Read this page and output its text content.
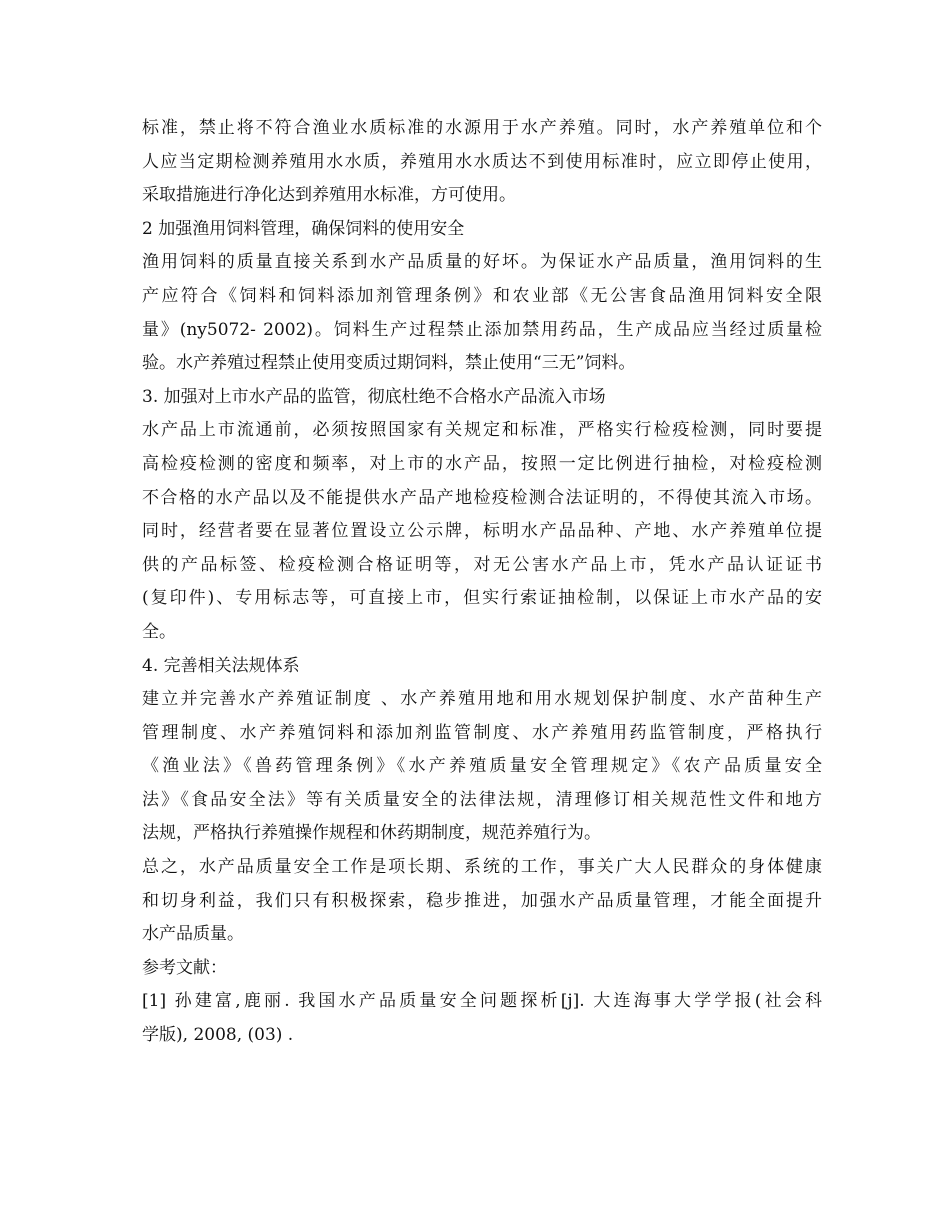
标准，禁止将不符合渔业水质标准的水源用于水产养殖。同时，水产养殖单位和个
人应当定期检测养殖用水水质，养殖用水水质达不到使用标准时，应立即停止使用，
采取措施进行净化达到养殖用水标准，方可使用。
2 加强渔用饲料管理，确保饲料的使用安全
渔用饲料的质量直接关系到水产品质量的好坏。为保证水产品质量，渔用饲料的生
产应符合《饲料和饲料添加剂管理条例》和农业部《无公害食品渔用饲料安全限
量》(ny5072- 2002)。饲料生产过程禁止添加禁用药品，生产成品应当经过质量检
验。水产养殖过程禁止使用变质过期饲料，禁止使用“三无”饲料。
3. 加强对上市水产品的监管，彻底杜绝不合格水产品流入市场
水产品上市流通前，必须按照国家有关规定和标准，严格实行检疫检测，同时要提
高检疫检测的密度和频率，对上市的水产品，按照一定比例进行抽检，对检疫检测
不合格的水产品以及不能提供水产品产地检疫检测合法证明的，不得使其流入市场。
同时，经营者要在显著位置设立公示牌，标明水产品品种、产地、水产养殖单位提
供的产品标签、检疫检测合格证明等，对无公害水产品上市，凭水产品认证证书
(复印件)、专用标志等，可直接上市，但实行索证抽检制，以保证上市水产品的安
全。
4. 完善相关法规体系
建立并完善水产养殖证制度 、水产养殖用地和用水规划保护制度、水产苗种生产
管理制度、水产养殖饲料和添加剂监管制度、水产养殖用药监管制度，严格执行
《渔业法》《兽药管理条例》《水产养殖质量安全管理规定》《农产品质量安全
法》《食品安全法》等有关质量安全的法律法规，清理修订相关规范性文件和地方
法规，严格执行养殖操作规程和休药期制度，规范养殖行为。
总之，水产品质量安全工作是项长期、系统的工作，事关广大人民群众的身体健康
和切身利益，我们只有积极探索，稳步推进，加强水产品质量管理，才能全面提升
水产品质量。
参考文献：
[1] 孙建富,鹿丽. 我国水产品质量安全问题探析[j]. 大连海事大学学报(社会科
学版), 2008, (03) .
